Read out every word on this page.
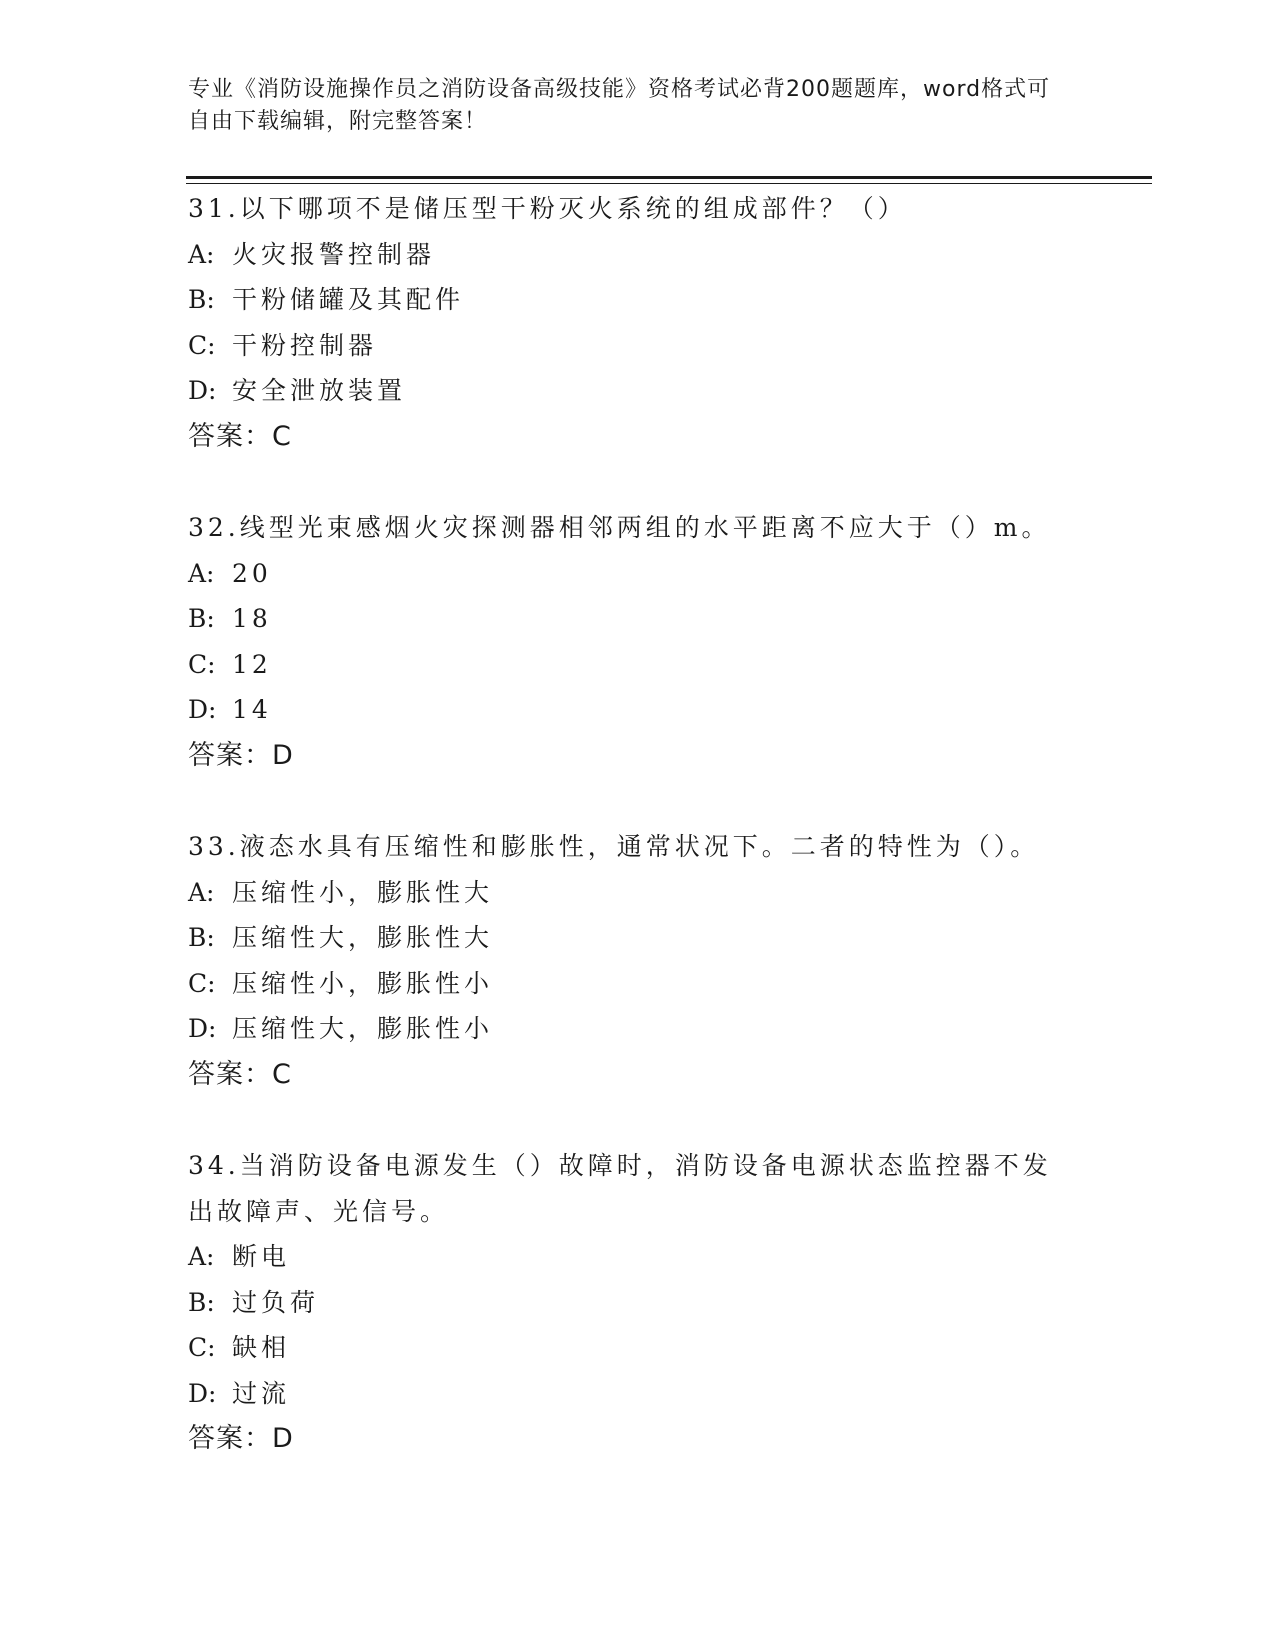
专业《消防设施操作员之消防设备高级技能》资格考试必背200题题库，word格式可自由下载编辑，附完整答案！
31.以下哪项不是储压型干粉灭火系统的组成部件？（）
A: 火灾报警控制器
B: 干粉储罐及其配件
C: 干粉控制器
D: 安全泄放装置
答案：C
32.线型光束感烟火灾探测器相邻两组的水平距离不应大于（）m。
A: 20
B: 18
C: 12
D: 14
答案：D
33.液态水具有压缩性和膨胀性，通常状况下。二者的特性为（）。
A: 压缩性小，膨胀性大
B: 压缩性大，膨胀性大
C: 压缩性小，膨胀性小
D: 压缩性大，膨胀性小
答案：C
34.当消防设备电源发生（）故障时，消防设备电源状态监控器不发出故障声、光信号。
A: 断电
B: 过负荷
C: 缺相
D: 过流
答案：D
